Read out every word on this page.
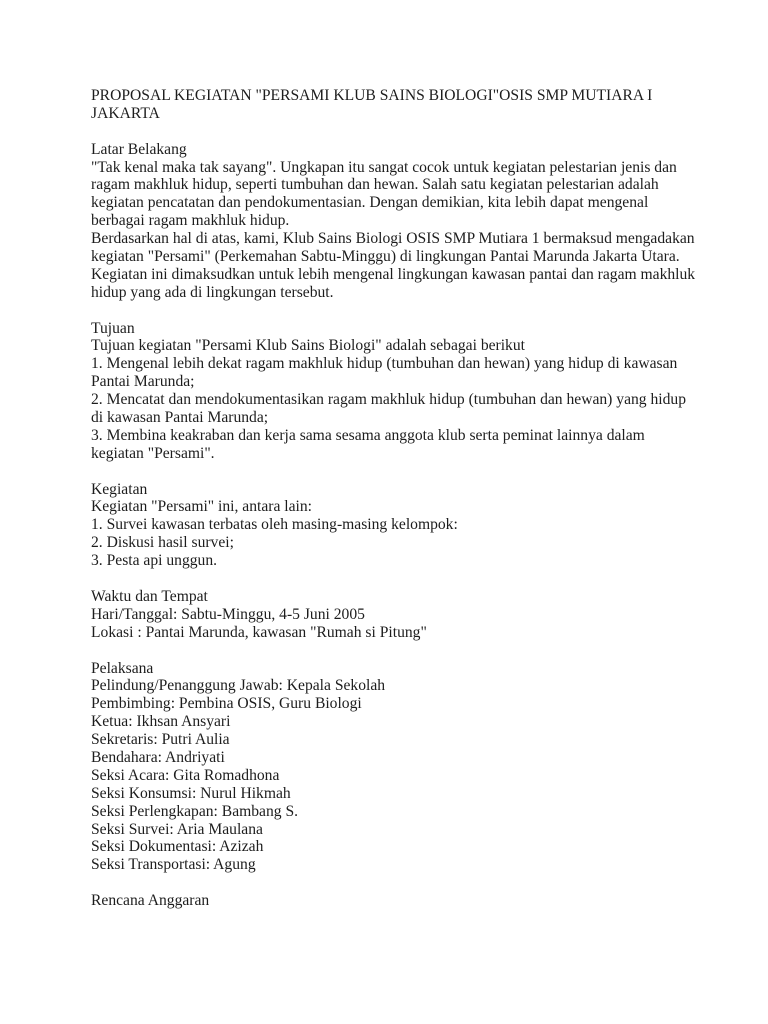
PROPOSAL KEGIATAN "PERSAMI KLUB SAINS BIOLOGI"OSIS SMP MUTIARA I
JAKARTA
Latar Belakang
"Tak kenal maka tak sayang". Ungkapan itu sangat cocok untuk kegiatan pelestarian jenis dan
ragam makhluk hidup, seperti tumbuhan dan hewan. Salah satu kegiatan pelestarian adalah
kegiatan pencatatan dan pendokumentasian. Dengan demikian, kita lebih dapat mengenal
berbagai ragam makhluk hidup.
Berdasarkan hal di atas, kami, Klub Sains Biologi OSIS SMP Mutiara 1 bermaksud mengadakan
kegiatan "Persami" (Perkemahan Sabtu-Minggu) di lingkungan Pantai Marunda Jakarta Utara.
Kegiatan ini dimaksudkan untuk lebih mengenal lingkungan kawasan pantai dan ragam makhluk
hidup yang ada di lingkungan tersebut.
Tujuan
Tujuan kegiatan "Persami Klub Sains Biologi" adalah sebagai berikut
1. Mengenal lebih dekat ragam makhluk hidup (tumbuhan dan hewan) yang hidup di kawasan
Pantai Marunda;
2. Mencatat dan mendokumentasikan ragam makhluk hidup (tumbuhan dan hewan) yang hidup
di kawasan Pantai Marunda;
3. Membina keakraban dan kerja sama sesama anggota klub serta peminat lainnya dalam
kegiatan "Persami".
Kegiatan
Kegiatan "Persami" ini, antara lain:
1. Survei kawasan terbatas oleh masing-masing kelompok:
2. Diskusi hasil survei;
3. Pesta api unggun.
Waktu dan Tempat
Hari/Tanggal: Sabtu-Minggu, 4-5 Juni 2005
Lokasi : Pantai Marunda, kawasan "Rumah si Pitung"
Pelaksana
Pelindung/Penanggung Jawab: Kepala Sekolah
Pembimbing: Pembina OSIS, Guru Biologi
Ketua: Ikhsan Ansyari
Sekretaris: Putri Aulia
Bendahara: Andriyati
Seksi Acara: Gita Romadhona
Seksi Konsumsi: Nurul Hikmah
Seksi Perlengkapan: Bambang S.
Seksi Survei: Aria Maulana
Seksi Dokumentasi: Azizah
Seksi Transportasi: Agung
Rencana Anggaran
